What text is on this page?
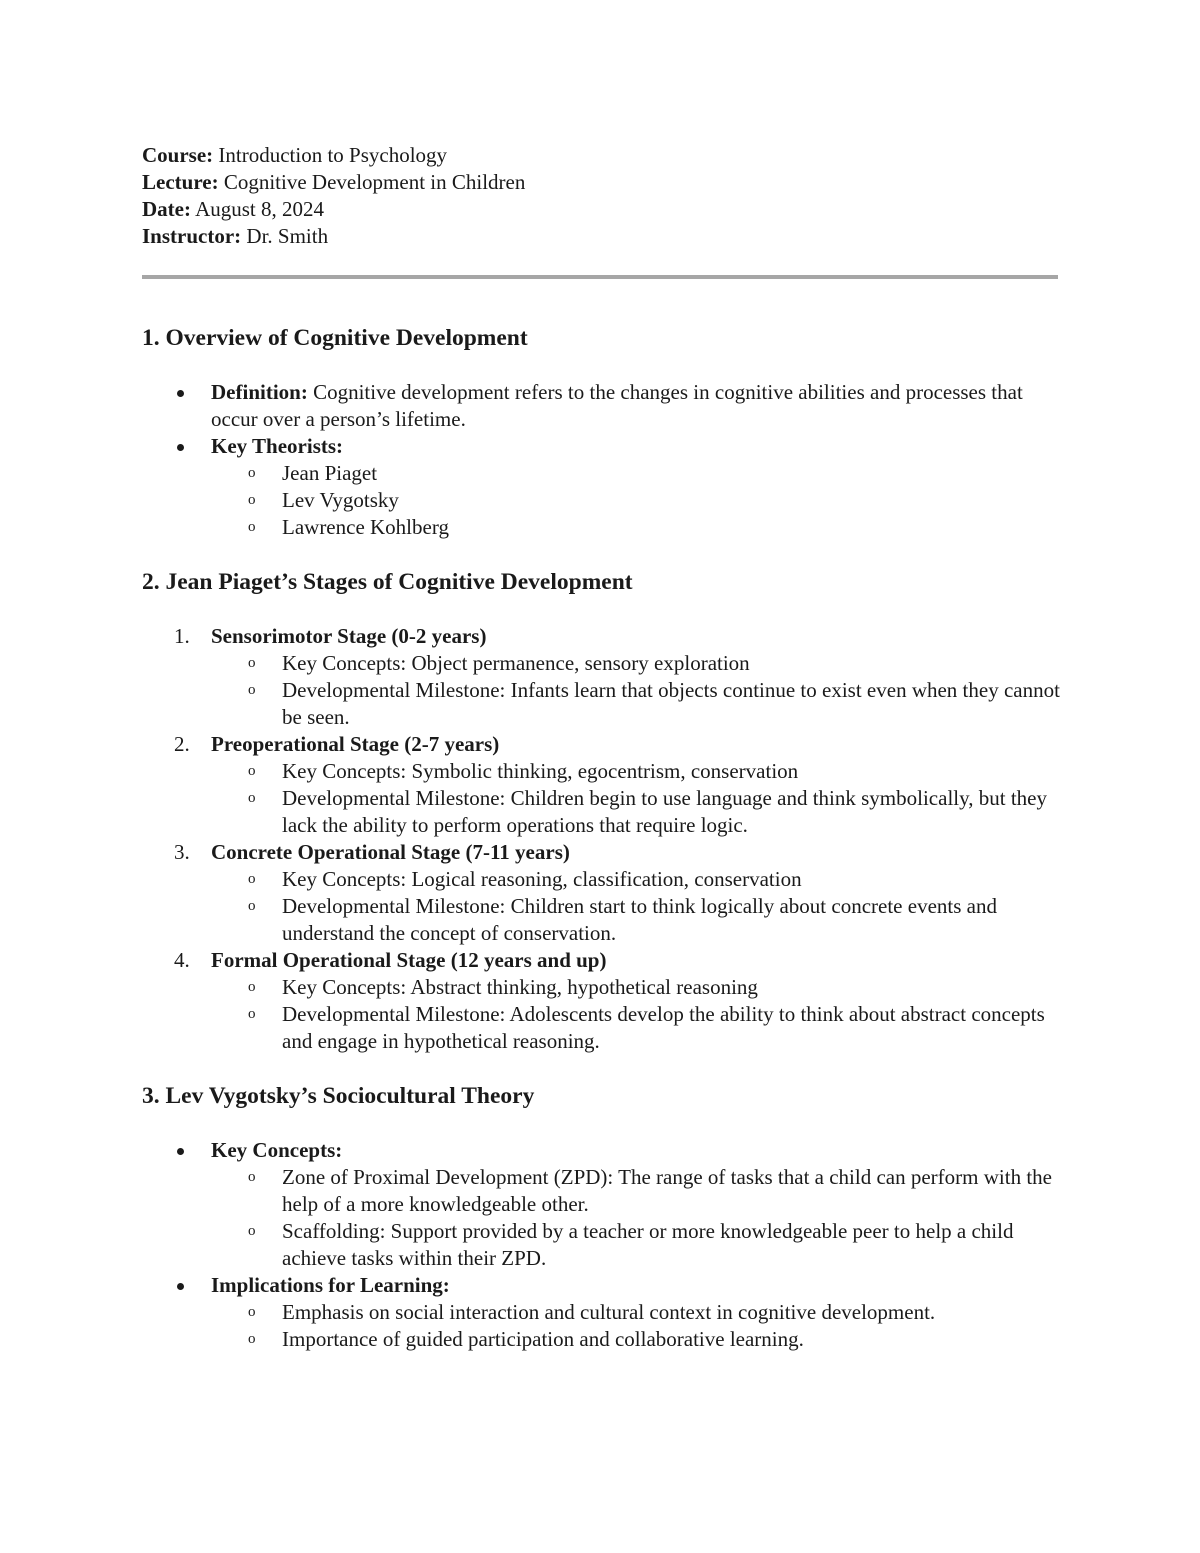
Course: Introduction to Psychology

Lecture: Cognitive Development in Children

Date: August 8, 2024

Instructor: Dr. Smith

1. Overview of Cognitive Development
Definition: Cognitive development refers to the changes in cognitive abilities and processes that occur over a person’s lifetime.
Key Theorists:
o Jean Piaget
o Lev Vygotsky
o Lawrence Kohlberg
2. Jean Piaget’s Stages of Cognitive Development
1. Sensorimotor Stage (0-2 years)
o Key Concepts: Object permanence, sensory exploration
o Developmental Milestone: Infants learn that objects continue to exist even when they cannot be seen.
2. Preoperational Stage (2-7 years)
o Key Concepts: Symbolic thinking, egocentrism, conservation
o Developmental Milestone: Children begin to use language and think symbolically, but they lack the ability to perform operations that require logic.
3. Concrete Operational Stage (7-11 years)
o Key Concepts: Logical reasoning, classification, conservation
o Developmental Milestone: Children start to think logically about concrete events and understand the concept of conservation.
4. Formal Operational Stage (12 years and up)
o Key Concepts: Abstract thinking, hypothetical reasoning
o Developmental Milestone: Adolescents develop the ability to think about abstract concepts and engage in hypothetical reasoning.
3. Lev Vygotsky’s Sociocultural Theory
Key Concepts:
o Zone of Proximal Development (ZPD): The range of tasks that a child can perform with the help of a more knowledgeable other.
o Scaffolding: Support provided by a teacher or more knowledgeable peer to help a child achieve tasks within their ZPD.
Implications for Learning:
o Emphasis on social interaction and cultural context in cognitive development.
o Importance of guided participation and collaborative learning.
